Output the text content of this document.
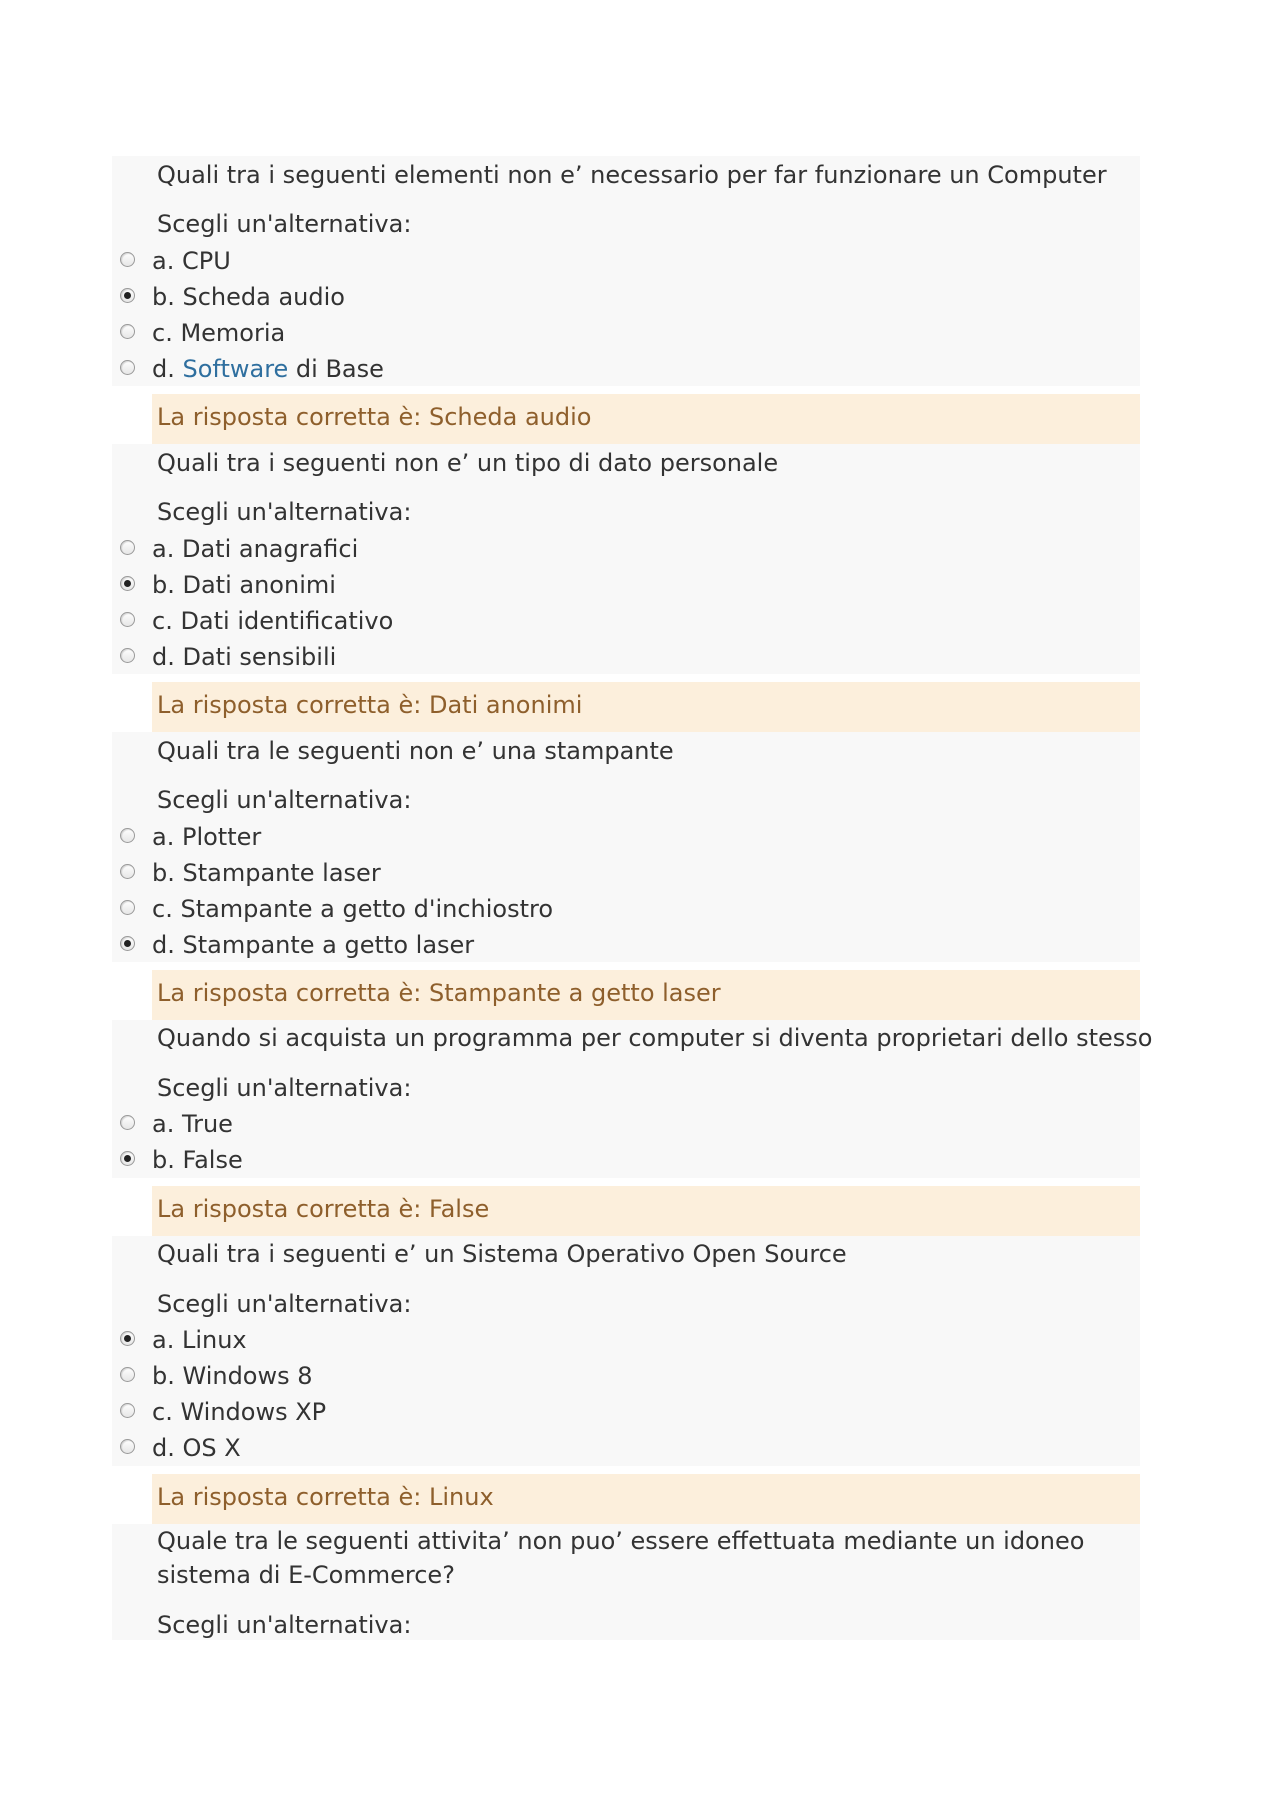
Quali tra i seguenti elementi non e’ necessario per far funzionare un Computer
Scegli un'alternativa:
a. CPU
b. Scheda audio
c. Memoria
d. Software di Base
La risposta corretta è: Scheda audio
Quali tra i seguenti non e’ un tipo di dato personale
Scegli un'alternativa:
a. Dati anagrafici
b. Dati anonimi
c. Dati identificativo
d. Dati sensibili
La risposta corretta è: Dati anonimi
Quali tra le seguenti non e’ una stampante
Scegli un'alternativa:
a. Plotter
b. Stampante laser
c. Stampante a getto d'inchiostro
d. Stampante a getto laser
La risposta corretta è: Stampante a getto laser
Quando si acquista un programma per computer si diventa proprietari dello stesso
Scegli un'alternativa:
a. True
b. False
La risposta corretta è: False
Quali tra i seguenti e’ un Sistema Operativo Open Source
Scegli un'alternativa:
a. Linux
b. Windows 8
c. Windows XP
d. OS X
La risposta corretta è: Linux
Quale tra le seguenti attivita’ non puo’ essere effettuata mediante un idoneo sistema di E-Commerce?
Scegli un'alternativa:
